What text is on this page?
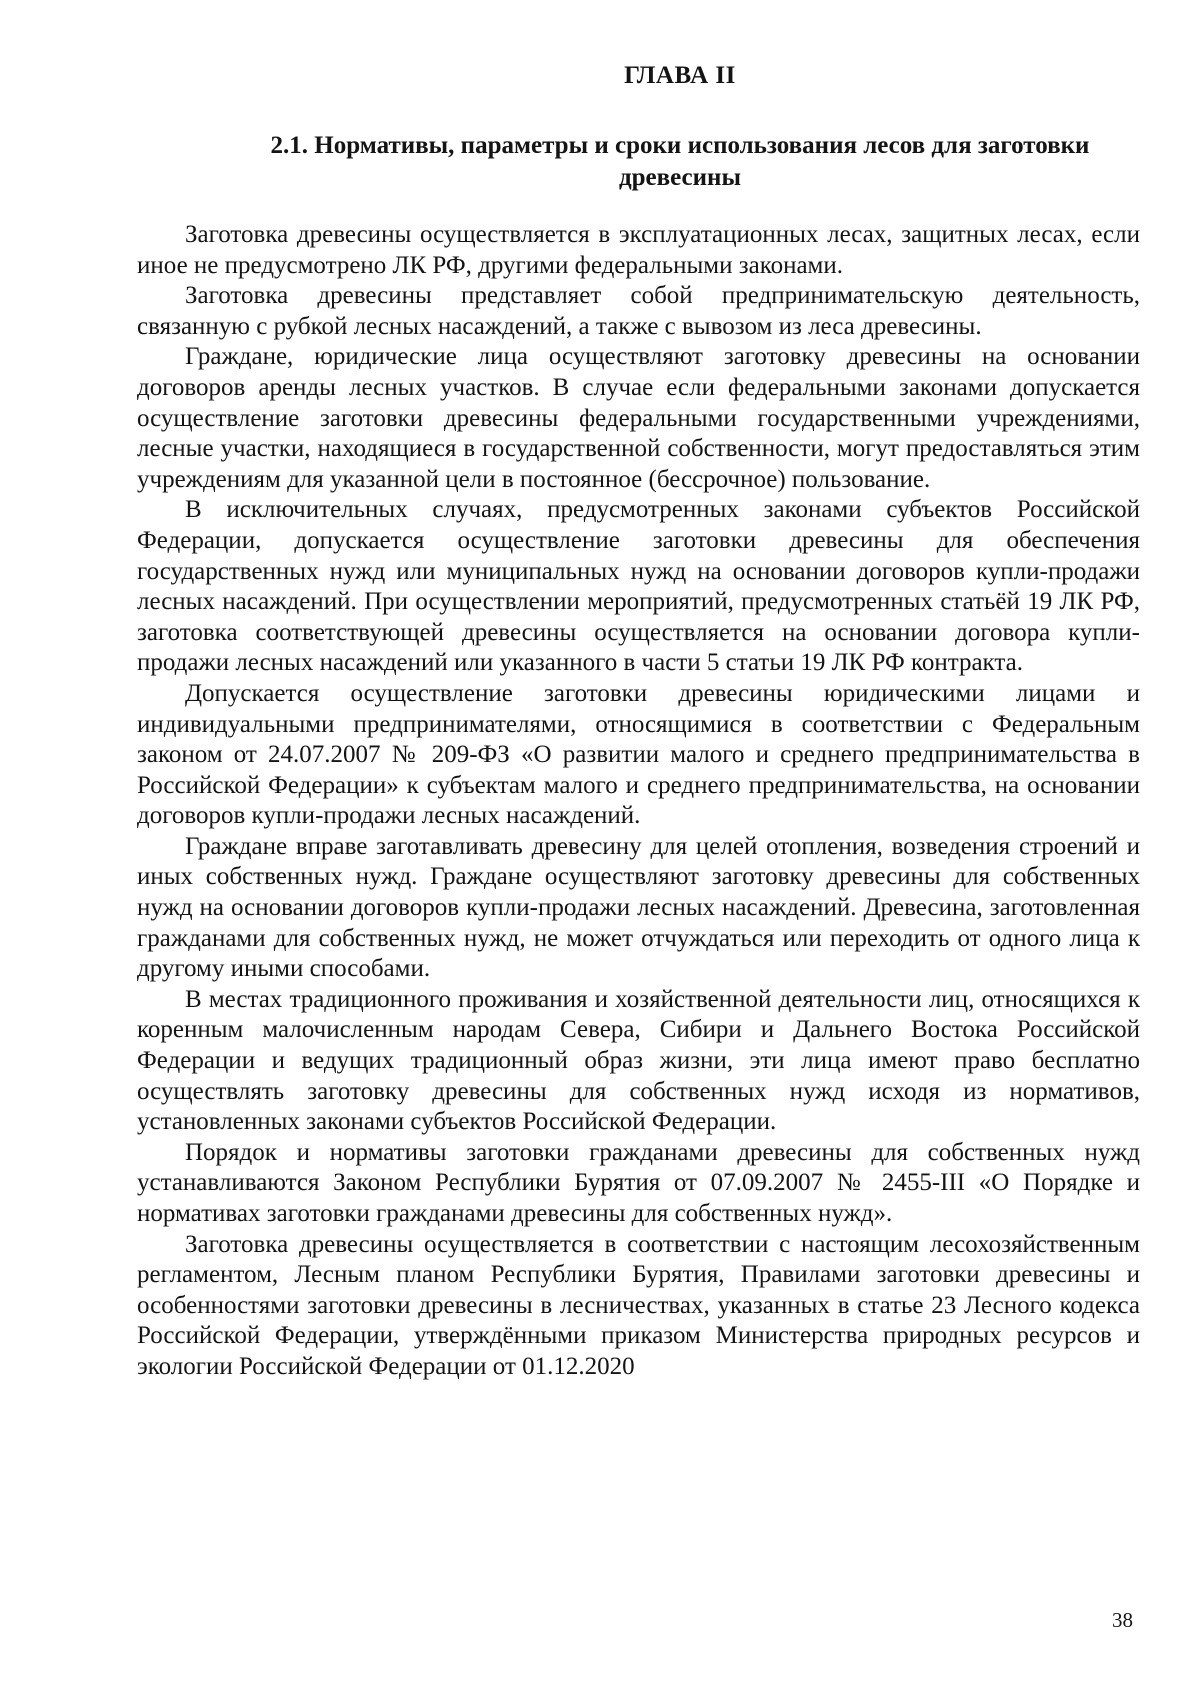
ГЛАВА II
2.1. Нормативы, параметры и сроки использования лесов для заготовки древесины

Заготовка древесины осуществляется в эксплуатационных лесах, защитных лесах, если иное не предусмотрено ЛК РФ, другими федеральными законами.

Заготовка древесины представляет собой предпринимательскую деятельность, связанную с рубкой лесных насаждений, а также с вывозом из леса древесины.

Граждане, юридические лица осуществляют заготовку древесины на основании договоров аренды лесных участков. В случае если федеральными законами допускается осуществление заготовки древесины федеральными государственными учреждениями, лесные участки, находящиеся в государственной собственности, могут предоставляться этим учреждениям для указанной цели в постоянное (бессрочное) пользование.

В исключительных случаях, предусмотренных законами субъектов Российской Федерации, допускается осуществление заготовки древесины для обеспечения государственных нужд или муниципальных нужд на основании договоров купли-продажи лесных насаждений. При осуществлении мероприятий, предусмотренных статьёй 19 ЛК РФ, заготовка соответствующей древесины осуществляется на основании договора купли-продажи лесных насаждений или указанного в части 5 статьи 19 ЛК РФ контракта.

Допускается осуществление заготовки древесины юридическими лицами и индивидуальными предпринимателями, относящимися в соответствии с Федеральным законом от 24.07.2007 № 209-ФЗ «О развитии малого и среднего предпринимательства в Российской Федерации» к субъектам малого и среднего предпринимательства, на основании договоров купли-продажи лесных насаждений.

Граждане вправе заготавливать древесину для целей отопления, возведения строений и иных собственных нужд. Граждане осуществляют заготовку древесины для собственных нужд на основании договоров купли-продажи лесных насаждений. Древесина, заготовленная гражданами для собственных нужд, не может отчуждаться или переходить от одного лица к другому иными способами.

В местах традиционного проживания и хозяйственной деятельности лиц, относящихся к коренным малочисленным народам Севера, Сибири и Дальнего Востока Российской Федерации и ведущих традиционный образ жизни, эти лица имеют право бесплатно осуществлять заготовку древесины для собственных нужд исходя из нормативов, установленных законами субъектов Российской Федерации.

Порядок и нормативы заготовки гражданами древесины для собственных нужд устанавливаются Законом Республики Бурятия от 07.09.2007 № 2455-III «О Порядке и нормативах заготовки гражданами древесины для собственных нужд».

Заготовка древесины осуществляется в соответствии с настоящим лесохозяйственным регламентом, Лесным планом Республики Бурятия, Правилами заготовки древесины и особенностями заготовки древесины в лесничествах, указанных в статье 23 Лесного кодекса Российской Федерации, утверждёнными приказом Министерства природных ресурсов и экологии Российской Федерации от 01.12.2020

38
